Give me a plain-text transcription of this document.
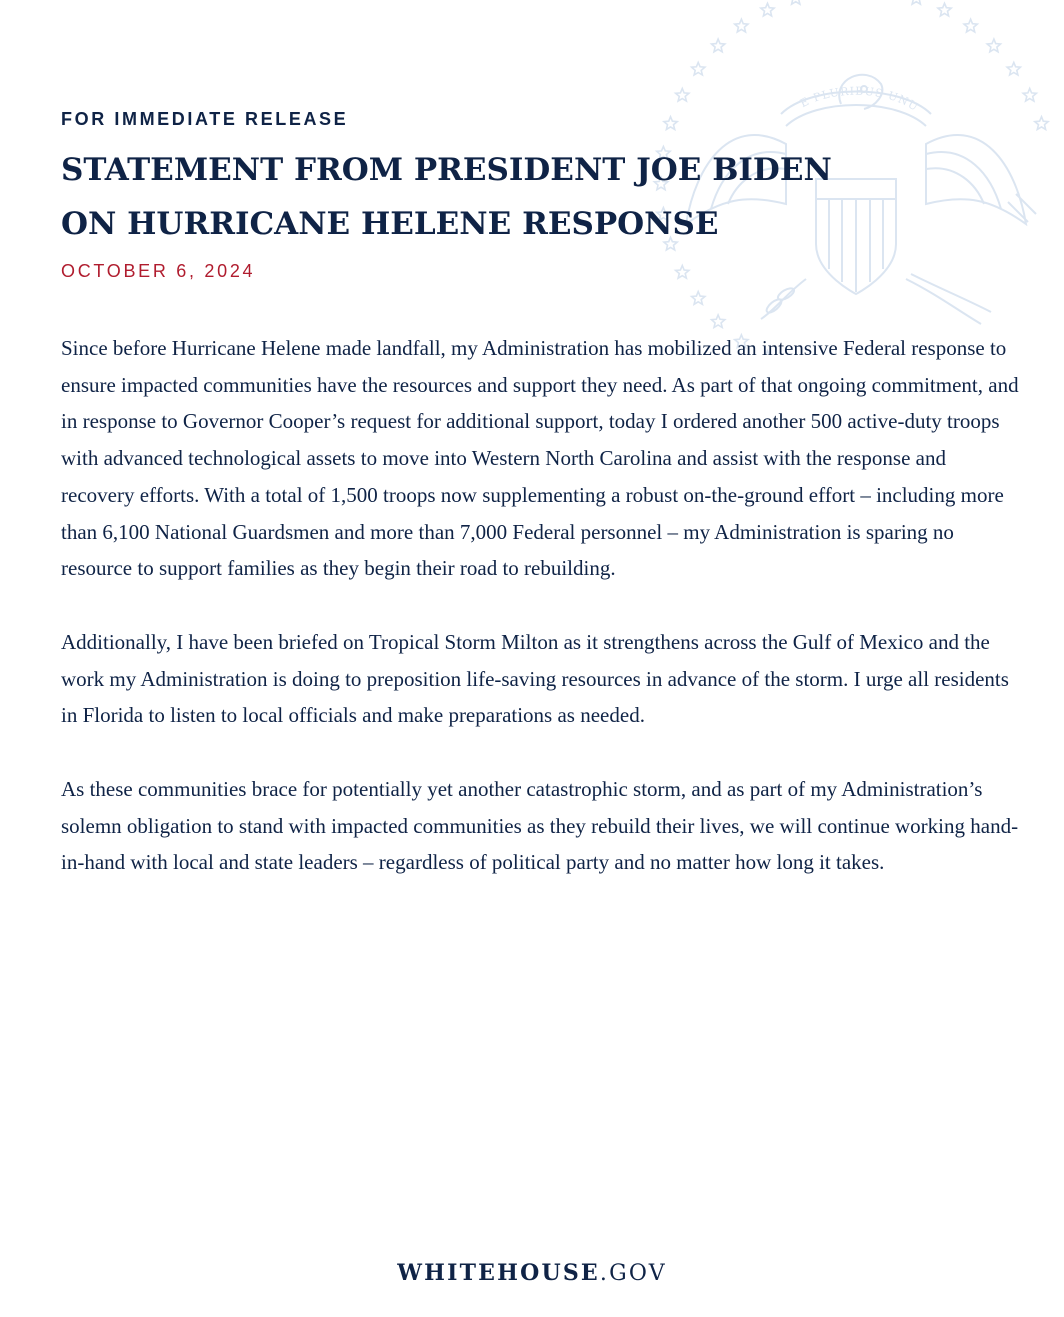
E PLURIBUS UNU
FOR IMMEDIATE RELEASE
STATEMENT FROM PRESIDENT JOE BIDEN
ON HURRICANE HELENE RESPONSE
OCTOBER 6, 2024

Since before Hurricane Helene made landfall, my Administration has mobilized an intensive Federal response to ensure impacted communities have the resources and support they need. As part of that ongoing commitment, and in response to Governor Cooper’s request for additional support, today I ordered another 500 active-duty troops with advanced technological assets to move into Western North Carolina and assist with the response and recovery efforts. With a total of 1,500 troops now supplementing a robust on-the-ground effort – including more than 6,100 National Guardsmen and more than 7,000 Federal personnel – my Administration is sparing no resource to support families as they begin their road to rebuilding.

Additionally, I have been briefed on Tropical Storm Milton as it strengthens across the Gulf of Mexico and the work my Administration is doing to preposition life-saving resources in advance of the storm. I urge all residents in Florida to listen to local officials and make preparations as needed.

As these communities brace for potentially yet another catastrophic storm, and as part of my Administration’s solemn obligation to stand with impacted communities as they rebuild their lives, we will continue working hand-in-hand with local and state leaders – regardless of political party and no matter how long it takes.

WHITEHOUSE.GOV
